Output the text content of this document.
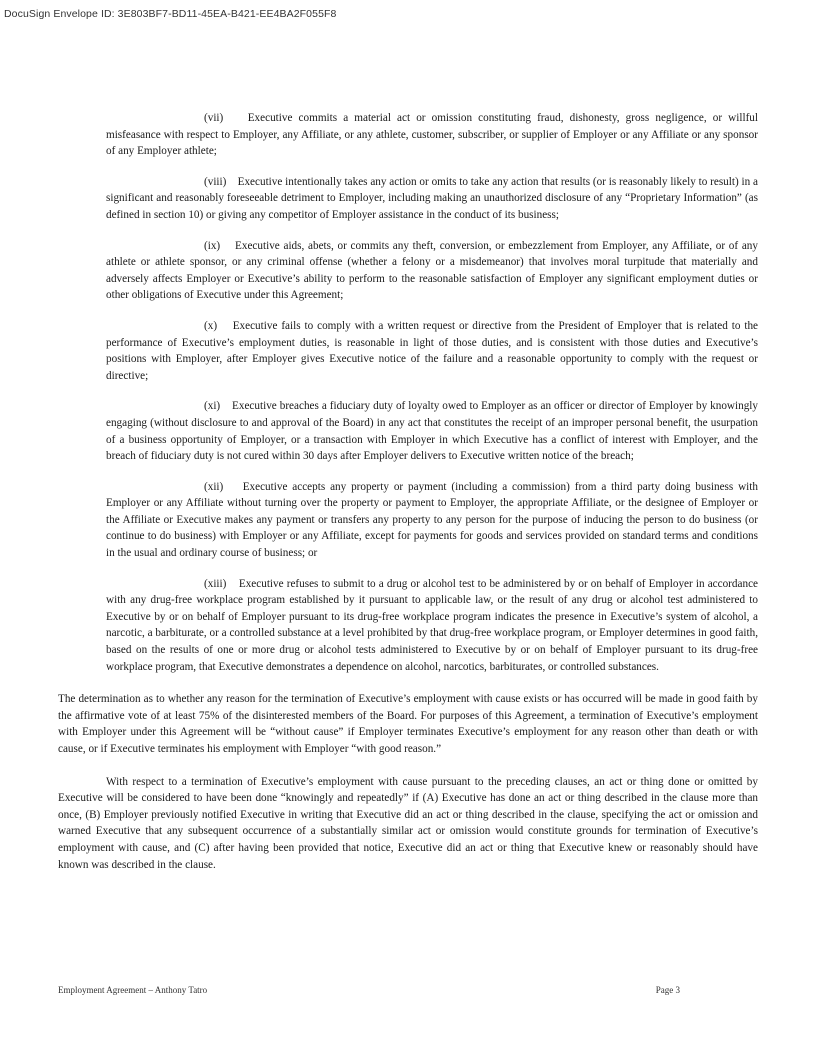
DocuSign Envelope ID: 3E803BF7-BD11-45EA-B421-EE4BA2F055F8

(vii) Executive commits a material act or omission constituting fraud, dishonesty, gross negligence, or willful misfeasance with respect to Employer, any Affiliate, or any athlete, customer, subscriber, or supplier of Employer or any Affiliate or any sponsor of any Employer athlete;

(viii) Executive intentionally takes any action or omits to take any action that results (or is reasonably likely to result) in a significant and reasonably foreseeable detriment to Employer, including making an unauthorized disclosure of any “Proprietary Information” (as defined in section 10) or giving any competitor of Employer assistance in the conduct of its business;

(ix) Executive aids, abets, or commits any theft, conversion, or embezzlement from Employer, any Affiliate, or of any athlete or athlete sponsor, or any criminal offense (whether a felony or a misdemeanor) that involves moral turpitude that materially and adversely affects Employer or Executive’s ability to perform to the reasonable satisfaction of Employer any significant employment duties or other obligations of Executive under this Agreement;

(x) Executive fails to comply with a written request or directive from the President of Employer that is related to the performance of Executive’s employment duties, is reasonable in light of those duties, and is consistent with those duties and Executive’s positions with Employer, after Employer gives Executive notice of the failure and a reasonable opportunity to comply with the request or directive;

(xi) Executive breaches a fiduciary duty of loyalty owed to Employer as an officer or director of Employer by knowingly engaging (without disclosure to and approval of the Board) in any act that constitutes the receipt of an improper personal benefit, the usurpation of a business opportunity of Employer, or a transaction with Employer in which Executive has a conflict of interest with Employer, and the breach of fiduciary duty is not cured within 30 days after Employer delivers to Executive written notice of the breach;

(xii) Executive accepts any property or payment (including a commission) from a third party doing business with Employer or any Affiliate without turning over the property or payment to Employer, the appropriate Affiliate, or the designee of Employer or the Affiliate or Executive makes any payment or transfers any property to any person for the purpose of inducing the person to do business (or continue to do business) with Employer or any Affiliate, except for payments for goods and services provided on standard terms and conditions in the usual and ordinary course of business; or

(xiii) Executive refuses to submit to a drug or alcohol test to be administered by or on behalf of Employer in accordance with any drug-free workplace program established by it pursuant to applicable law, or the result of any drug or alcohol test administered to Executive by or on behalf of Employer pursuant to its drug-free workplace program indicates the presence in Executive’s system of alcohol, a narcotic, a barbiturate, or a controlled substance at a level prohibited by that drug-free workplace program, or Employer determines in good faith, based on the results of one or more drug or alcohol tests administered to Executive by or on behalf of Employer pursuant to its drug-free workplace program, that Executive demonstrates a dependence on alcohol, narcotics, barbiturates, or controlled substances.

The determination as to whether any reason for the termination of Executive’s employment with cause exists or has occurred will be made in good faith by the affirmative vote of at least 75% of the disinterested members of the Board. For purposes of this Agreement, a termination of Executive’s employment with Employer under this Agreement will be “without cause” if Employer terminates Executive’s employment for any reason other than death or with cause, or if Executive terminates his employment with Employer “with good reason.”

With respect to a termination of Executive’s employment with cause pursuant to the preceding clauses, an act or thing done or omitted by Executive will be considered to have been done “knowingly and repeatedly” if (A) Executive has done an act or thing described in the clause more than once, (B) Employer previously notified Executive in writing that Executive did an act or thing described in the clause, specifying the act or omission and warned Executive that any subsequent occurrence of a substantially similar act or omission would constitute grounds for termination of Executive’s employment with cause, and (C) after having been provided that notice, Executive did an act or thing that Executive knew or reasonably should have known was described in the clause.

Employment Agreement – Anthony Tatro	Page 3
